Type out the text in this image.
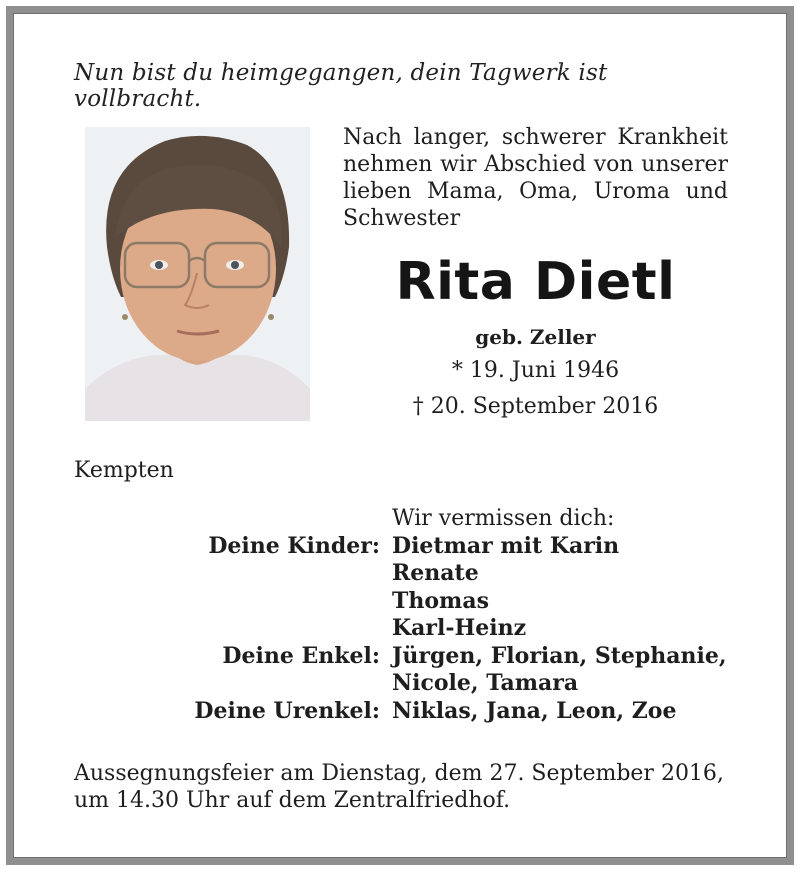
Nun bist du heimgegangen, dein Tagwerk ist vollbracht.
Nach langer, schwerer Krankheit nehmen wir Abschied von unserer lieben Mama, Oma, Uroma und Schwester
Rita Dietl
geb. Zeller
* 19. Juni 1946
† 20. September 2016
Kempten
Wir vermissen dich:
Deine Kinder: Dietmar mit Karin
Renate
Thomas
Karl-Heinz
Deine Enkel: Jürgen, Florian, Stephanie,
Nicole, Tamara
Deine Urenkel: Niklas, Jana, Leon, Zoe
Aussegnungsfeier am Dienstag, dem 27. September 2016,
um 14.30 Uhr auf dem Zentralfriedhof.
